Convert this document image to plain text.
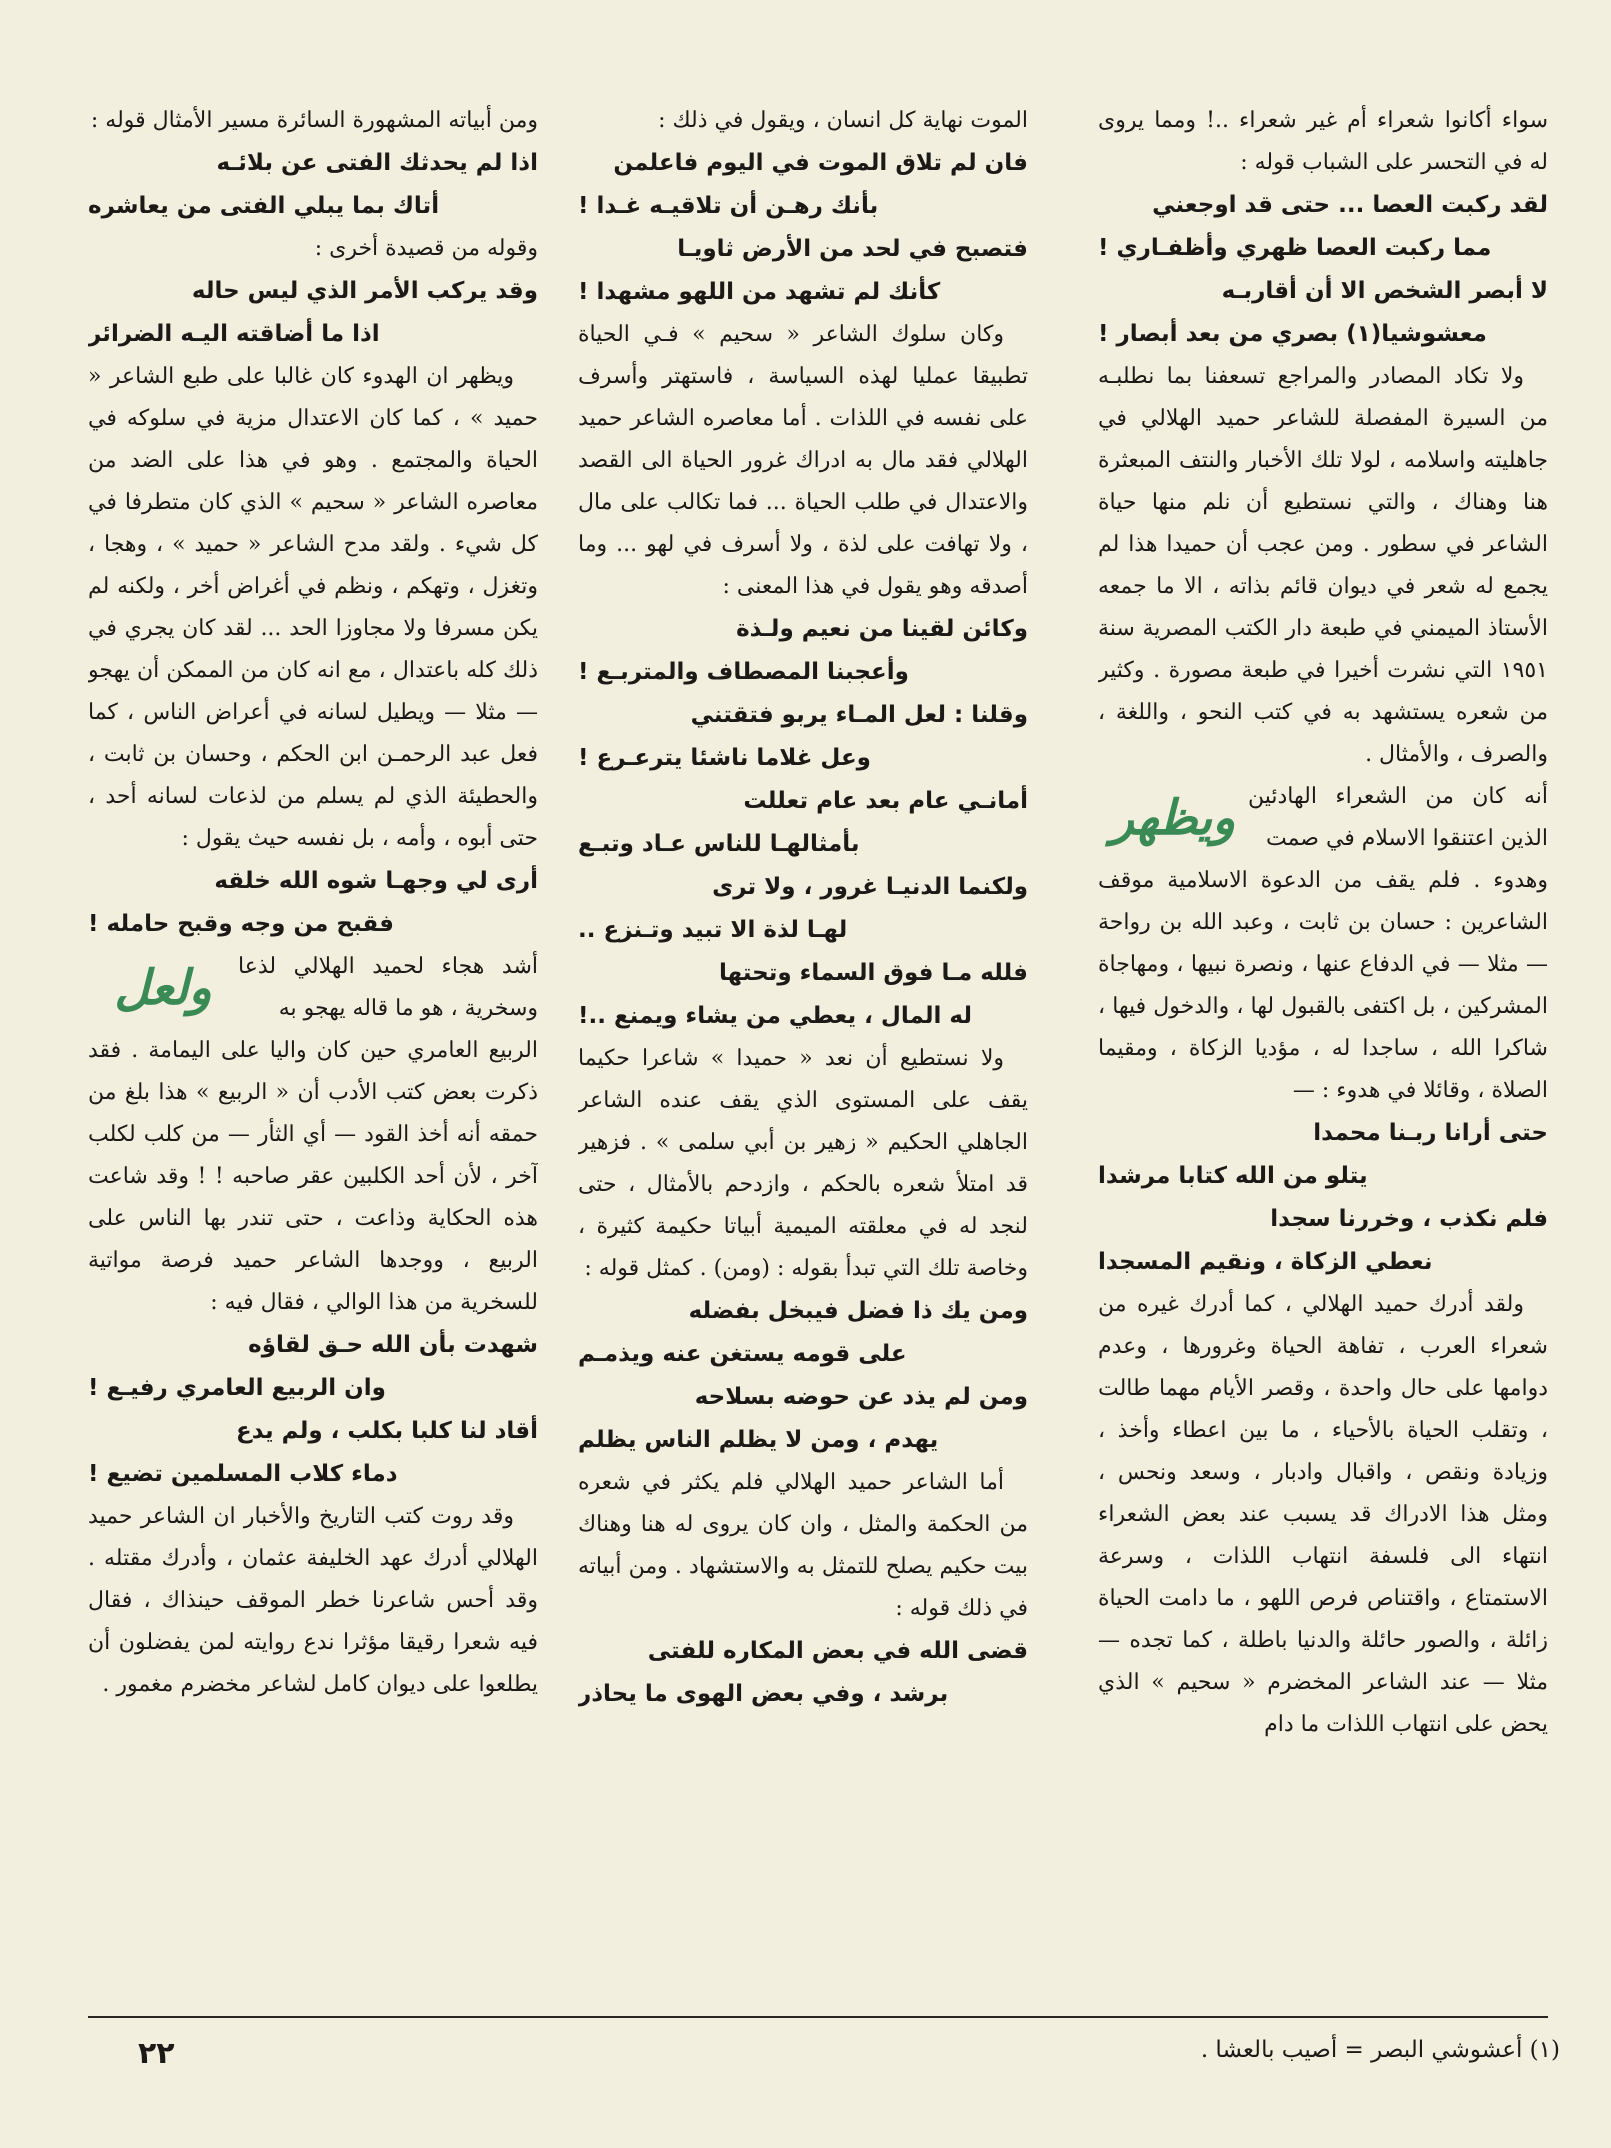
سواء أكانوا شعراء أم غير شعراء ..! ومما يروى له في التحسر على الشباب قوله :

لقد ركبت العصا ... حتى قد اوجعني

مما ركبت العصا ظهري وأظفـاري !

لا أبصر الشخص الا أن أقاربـه

معشوشيا(١) بصري من بعد أبصار !

ولا تكاد المصادر والمراجع تسعفنا بما نطلبـه من السيرة المفصلة للشاعر حميد الهلالي في جاهليته واسلامه ، لولا تلك الأخبار والنتف المبعثرة هنا وهناك ، والتي نستطيع أن نلم منها حياة الشاعر في سطور . ومن عجب أن حميدا هذا لم يجمع له شعر في ديوان قائم بذاته ، الا ما جمعه الأستاذ الميمني في طبعة دار الكتب المصرية سنة ١٩٥١ التي نشرت أخيرا في طبعة مصورة . وكثير من شعره يستشهد به في كتب النحو ، واللغة ، والصرف ، والأمثال .

أنه كان من الشعراء الهادئين الذين اعتنقوا الاسلام في صمت
ويظهر

وهدوء . فلم يقف من الدعوة الاسلامية موقف الشاعرين : حسان بن ثابت ، وعبد الله بن رواحة — مثلا — في الدفاع عنها ، ونصرة نبيها ، ومهاجاة المشركين ، بل اكتفى بالقبول لها ، والدخول فيها ، شاكرا الله ، ساجدا له ، مؤديا الزكاة ، ومقيما الصلاة ، وقائلا في هدوء : —

حتى أرانا ربـنا محمدا

يتلو من الله كتابا مرشدا

فلم نكذب ، وخررنا سجدا

نعطي الزكاة ، ونقيم المسجدا

ولقد أدرك حميد الهلالي ، كما أدرك غيره من شعراء العرب ، تفاهة الحياة وغرورها ، وعدم دوامها على حال واحدة ، وقصر الأيام مهما طالت ، وتقلب الحياة بالأحياء ، ما بين اعطاء وأخذ ، وزيادة ونقص ، واقبال وادبار ، وسعد ونحس ، ومثل هذا الادراك قد يسبب عند بعض الشعراء انتهاء الى فلسفة انتهاب اللذات ، وسرعة الاستمتاع ، واقتناص فرص اللهو ، ما دامت الحياة زائلة ، والصور حائلة والدنيا باطلة ، كما تجده — مثلا — عند الشاعر المخضرم « سحيم » الذي يحض على انتهاب اللذات ما دام

الموت نهاية كل انسان ، ويقول في ذلك :

فان لم تلاق الموت في اليوم فاعلمن

بأنك رهـن أن تلاقيـه غـدا !

فتصبح في لحد من الأرض ثاويـا

كأنك لم تشهد من اللهو مشهدا !

وكان سلوك الشاعر « سحيم » فـي الحياة تطبيقا عمليا لهذه السياسة ، فاستهتر وأسرف على نفسه في اللذات . أما معاصره الشاعر حميد الهلالي فقد مال به ادراك غرور الحياة الى القصد والاعتدال في طلب الحياة ... فما تكالب على مال ، ولا تهافت على لذة ، ولا أسرف في لهو ... وما أصدقه وهو يقول في هذا المعنى :

وكائن لقينا من نعيم ولـذة

وأعجبنا المصطاف والمتربـع !

وقلنا : لعل المـاء يربو فتقتني

وعل غلاما ناشئا يترعـرع !

أمانـي عام بعد عام تعللت

بأمثالهـا للناس عـاد وتبـع

ولكنما الدنيـا غرور ، ولا ترى

لهـا لذة الا تبيد وتـنزع ..

فلله مـا فوق السماء وتحتها

له المال ، يعطي من يشاء ويمنع ..!

ولا نستطيع أن نعد « حميدا » شاعرا حكيما يقف على المستوى الذي يقف عنده الشاعر الجاهلي الحكيم « زهير بن أبي سلمى » . فزهير قد امتلأ شعره بالحكم ، وازدحم بالأمثال ، حتى لنجد له في معلقته الميمية أبياتا حكيمة كثيرة ، وخاصة تلك التي تبدأ بقوله : (ومن) . كمثل قوله :

ومن يك ذا فضل فيبخل بفضله

على قومه يستغن عنه ويذمـم

ومن لم يذد عن حوضه بسلاحه

يهدم ، ومن لا يظلم الناس يظلم

أما الشاعر حميد الهلالي فلم يكثر في شعره من الحكمة والمثل ، وان كان يروى له هنا وهناك بيت حكيم يصلح للتمثل به والاستشهاد . ومن أبياته في ذلك قوله :

قضى الله في بعض المكاره للفتى

برشد ، وفي بعض الهوى ما يحاذر

ومن أبياته المشهورة السائرة مسير الأمثال قوله :

اذا لم يحدثك الفتى عن بلائـه

أتاك بما يبلي الفتى من يعاشره

وقوله من قصيدة أخرى :

وقد يركب الأمر الذي ليس حاله

اذا ما أضاقته اليـه الضرائر

ويظهر ان الهدوء كان غالبا على طبع الشاعر « حميد » ، كما كان الاعتدال مزية في سلوكه في الحياة والمجتمع . وهو في هذا على الضد من معاصره الشاعر « سحيم » الذي كان متطرفا في كل شيء . ولقد مدح الشاعر « حميد » ، وهجا ، وتغزل ، وتهكم ، ونظم في أغراض أخر ، ولكنه لم يكن مسرفا ولا مجاوزا الحد ... لقد كان يجري في ذلك كله باعتدال ، مع انه كان من الممكن أن يهجو — مثلا — ويطيل لسانه في أعراض الناس ، كما فعل عبد الرحمـن ابن الحكم ، وحسان بن ثابت ، والحطيئة الذي لم يسلم من لذعات لسانه أحد ، حتى أبوه ، وأمه ، بل نفسه حيث يقول :

أرى لي وجهـا شوه الله خلقه

فقبح من وجه وقبح حامله !

أشد هجاء لحميد الهلالي لذعا وسخرية ، هو ما قاله يهجو به
ولعل

الربيع العامري حين كان واليا على اليمامة . فقد ذكرت بعض كتب الأدب أن « الربيع » هذا بلغ من حمقه أنه أخذ القود — أي الثأر — من كلب لكلب آخر ، لأن أحد الكلبين عقر صاحبه ! ! وقد شاعت هذه الحكاية وذاعت ، حتى تندر بها الناس على الربيع ، ووجدها الشاعر حميد فرصة مواتية للسخرية من هذا الوالي ، فقال فيه :

شهدت بأن الله حـق لقاؤه

وان الربيع العامري رفيـع !

أقاد لنا كلبا بكلب ، ولم يدع

دماء كلاب المسلمين تضيع !

وقد روت كتب التاريخ والأخبار ان الشاعر حميد الهلالي أدرك عهد الخليفة عثمان ، وأدرك مقتله . وقد أحس شاعرنا خطر الموقف حينذاك ، فقال فيه شعرا رقيقا مؤثرا ندع روايته لمن يفضلون أن يطلعوا على ديوان كامل لشاعر مخضرم مغمور .

٢٢	(١) أعشوشي البصر = أصيب بالعشا .
